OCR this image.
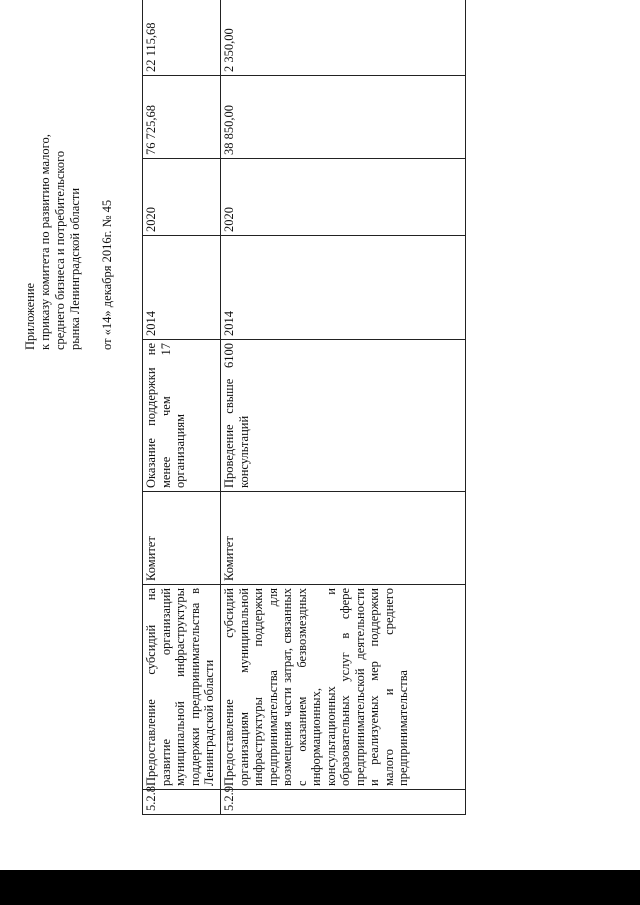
Приложение к приказу комитета по развитию малого, среднего бизнеса и потребительского рынка Ленинградской области от «14» декабря 2016г. № 45
5.2.8	Предоставление субсидий на развитие организаций муниципальной инфраструктуры поддержки предпринимательства в Ленинградской области	Комитет	Оказание поддержки не менее чем 17 организациям	2014	2020	76 725,68	22 115,68
5.2.9	Предоставление субсидий организациям муниципальной инфраструктуры поддержки предпринимательства для возмещения части затрат, связанных с оказанием безвозмездных информационных, консультационных и образовательных услуг в сфере предпринимательской деятельности и реализуемых мер поддержки малого и среднего предпринимательства	Комитет	Проведение свыше 6100 консультаций	2014	2020	38 850,00	2 350,00
